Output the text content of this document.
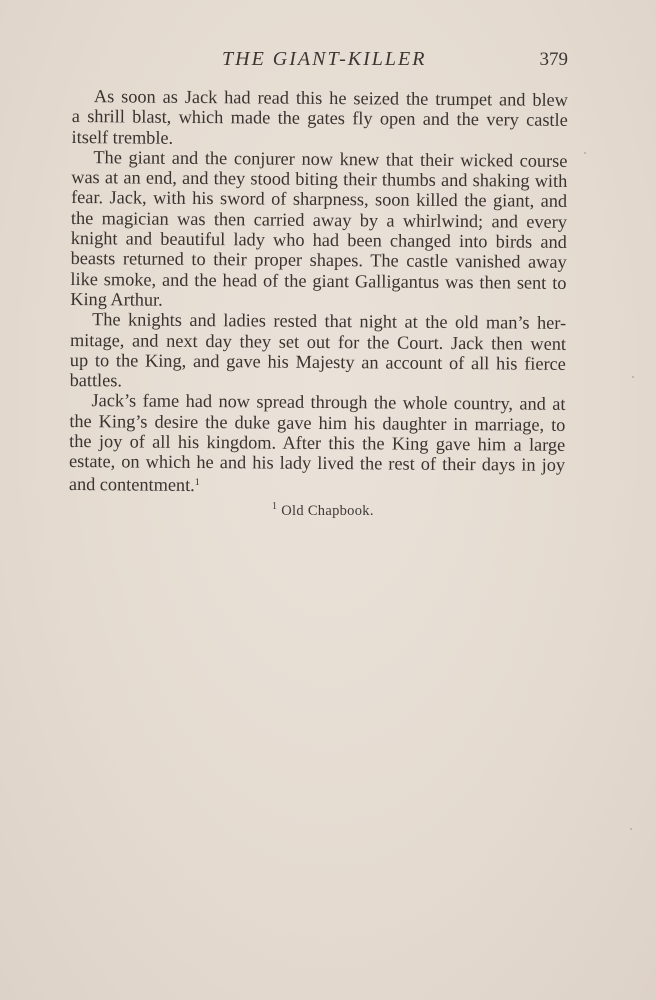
THE GIANT-KILLER	379
As soon as Jack had read this he seized the trumpet and blew
a shrill blast, which made the gates fly open and the very castle
itself tremble.
The giant and the conjurer now knew that their wicked course
was at an end, and they stood biting their thumbs and shaking with
fear. Jack, with his sword of sharpness, soon killed the giant, and
the magician was then carried away by a whirlwind; and every
knight and beautiful lady who had been changed into birds and
beasts returned to their proper shapes. The castle vanished away
like smoke, and the head of the giant Galligantus was then sent to
King Arthur.
The knights and ladies rested that night at the old man’s her-
mitage, and next day they set out for the Court. Jack then went
up to the King, and gave his Majesty an account of all his fierce
battles.
Jack’s fame had now spread through the whole country, and at
the King’s desire the duke gave him his daughter in marriage, to
the joy of all his kingdom. After this the King gave him a large
estate, on which he and his lady lived the rest of their days in joy
and contentment.$^1$
$^1$ Old Chapbook.
